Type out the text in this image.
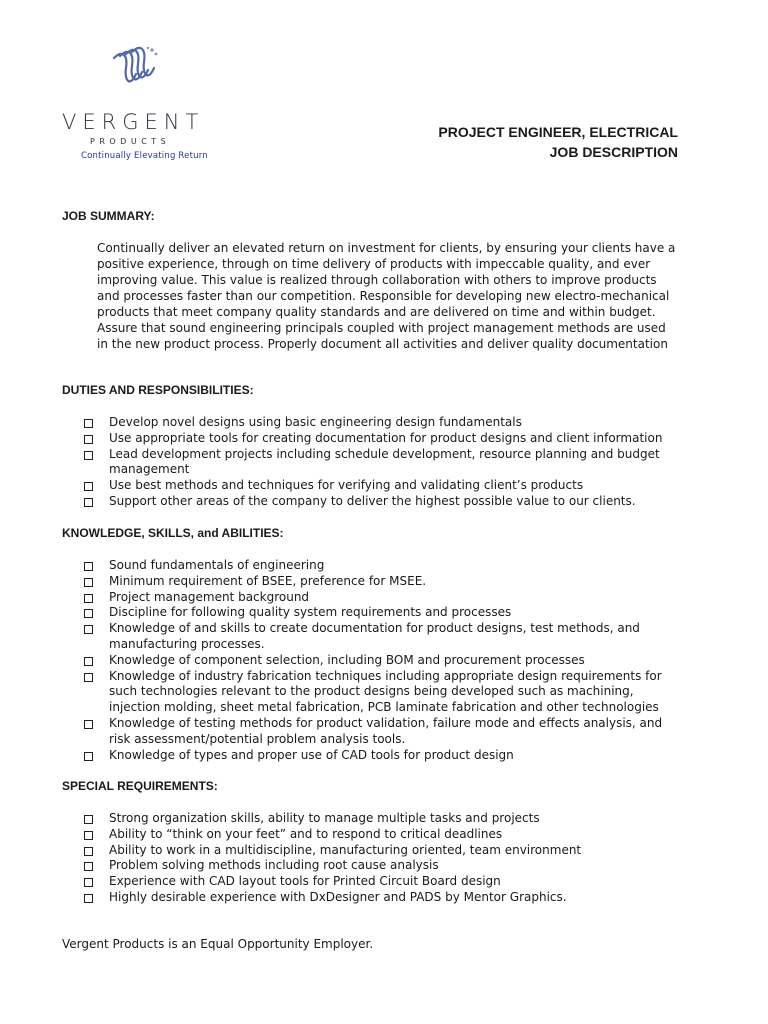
VERGENT
PRODUCTS
Continually Elevating Return
PROJECT ENGINEER, ELECTRICAL
JOB DESCRIPTION
JOB SUMMARY:

Continually deliver an elevated return on investment for clients, by ensuring your clients have a positive experience, through on time delivery of products with impeccable quality, and ever improving value. This value is realized through collaboration with others to improve products and processes faster than our competition. Responsible for developing new electro-mechanical products that meet company quality standards and are delivered on time and within budget. Assure that sound engineering principals coupled with project management methods are used in the new product process. Properly document all activities and deliver quality documentation

DUTIES AND RESPONSIBILITIES:
Develop novel designs using basic engineering design fundamentals
Use appropriate tools for creating documentation for product designs and client information
Lead development projects including schedule development, resource planning and budget management
Use best methods and techniques for verifying and validating client’s products
Support other areas of the company to deliver the highest possible value to our clients.
KNOWLEDGE, SKILLS, and ABILITIES:
Sound fundamentals of engineering
Minimum requirement of BSEE, preference for MSEE.
Project management background
Discipline for following quality system requirements and processes
Knowledge of and skills to create documentation for product designs, test methods, and manufacturing processes.
Knowledge of component selection, including BOM and procurement processes
Knowledge of industry fabrication techniques including appropriate design requirements for such technologies relevant to the product designs being developed such as machining, injection molding, sheet metal fabrication, PCB laminate fabrication and other technologies
Knowledge of testing methods for product validation, failure mode and effects analysis, and risk assessment/potential problem analysis tools.
Knowledge of types and proper use of CAD tools for product design
SPECIAL REQUIREMENTS:
Strong organization skills, ability to manage multiple tasks and projects
Ability to “think on your feet” and to respond to critical deadlines
Ability to work in a multidiscipline, manufacturing oriented, team environment
Problem solving methods including root cause analysis
Experience with CAD layout tools for Printed Circuit Board design
Highly desirable experience with DxDesigner and PADS by Mentor Graphics.
Vergent Products is an Equal Opportunity Employer.
